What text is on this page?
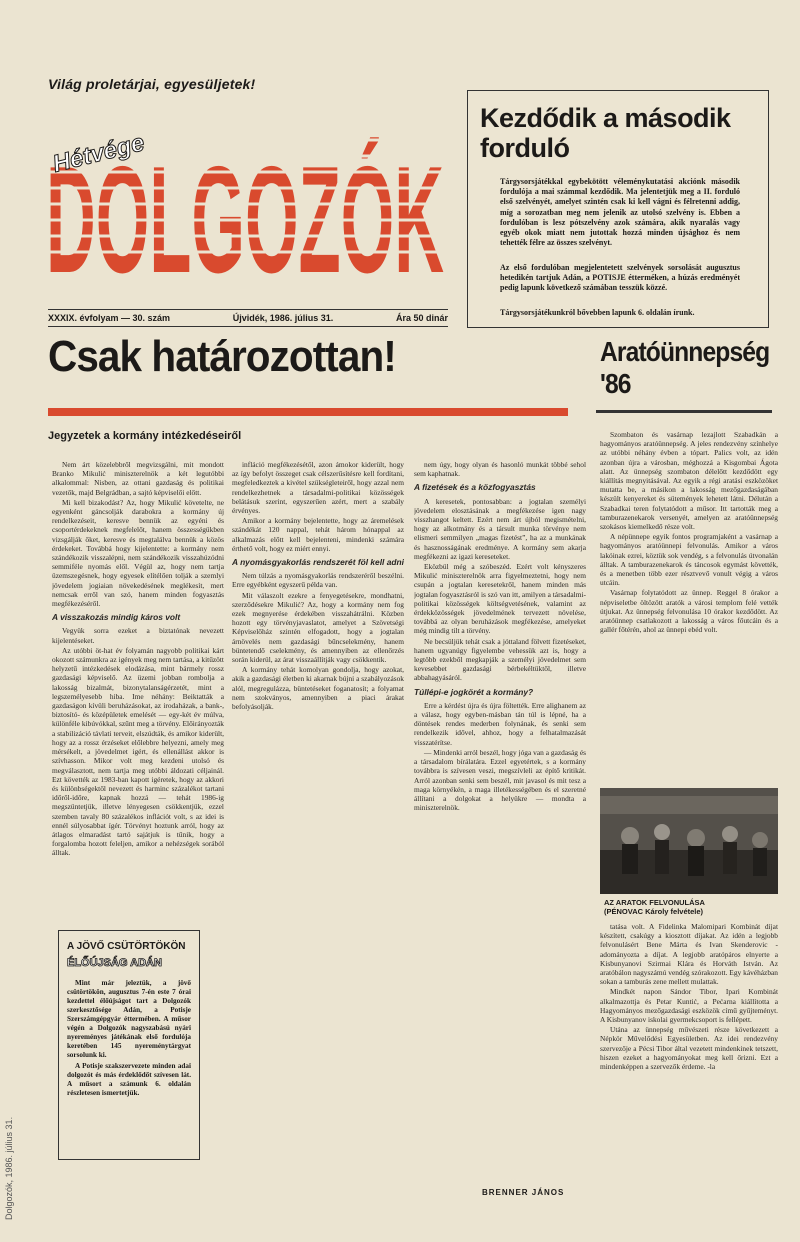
Világ proletárjai, egyesüljetek!
DOLGOZÓK
Hétvége
XXXIX. évfolyam — 30. szám	Újvidék, 1986. július 31.	Ára 50 dinár
Kezdődik a második forduló
Tárgysorsjátékkal egybekötött véleménykutatási akciónk második fordulója a mai számmal kezdődik. Ma jelentetjük meg a II. forduló első szelvényét, amelyet szintén csak ki kell vágni és félretenni addig, míg a sorozatban meg nem jelenik az utolsó szelvény is. Ebben a fordulóban is lesz pótszelvény azok számára, akik nyaralás vagy egyéb okok miatt nem jutottak hozzá minden újsághoz és nem tehették félre az összes szelvényt.
Az első fordulóban megjelentetett szelvények sorsolását augusztus hetedikén tartjuk Adán, a POTISJE étterméken, a húzás eredményét pedig lapunk következő számában tesszük közzé.
Tárgysorsjátékunkról bővebben lapunk 6. oldalán írunk.
Csak határozottan!
Jegyzetek a kormány intézkedéseiről
Aratóünnepség '86

Nem árt közelebbről megvizsgálni, mit mondott Branko Mikulić miniszterelnök a két legutóbbi alkalommal: Nisben, az ottani gazdaság és politikai vezetők, majd Belgrádban, a sajtó képviselői előtt.

Mi kell bizakodást? Az, hogy Mikulić követelte, ne egyenként gáncsolják darabokra a kormány új rendelkezéseit, keresve bennük az egyéni és csoportérdekeknek megfelelőt, hanem összességükben vizsgálják őket, keresve és megtalálva bennük a közös érdekeket. Továbbá hogy kijelentette: a kormány nem szándékozik visszalépni, nem szándékozik visszahúzódni semmiféle nyomás elől. Végül az, hogy nem tartja üzemszegésnek, hogy egyesek elítélően tolják a szemlyi jövedelem jogiaian növekedésének meglékesít, mert nemcsak erről van szó, hanem minden fogyasztás megfékezéséről.

A visszakozás mindig káros volt

Vegyük sorra ezeket a biztatónak nevezett kijelentéseket.

Az utóbbi öt-hat év folyamán nagyobb politikai kárt okozott számunkra az igények meg nem tartása, a kitűzött helyzetű intézkedések elodázása, mint bármely rossz gazdasági képviselő. Az üzemi jobban rombolja a lakosság bizalmát, bizonytalanságérzetét, mint a legszemélyesebb hiba. Ime néhány: Beiktatták a gazdaságon kívüli beruházásokat, az irodaházak, a bank-, biztosító- és középületek emelését — egy-két év múlva, különféle kibúvókkal, szűnt meg a törvény. Előirányozták a stabilizáció távlati terveit, elszúdták, és amikor kiderült, hogy az a rossz érzéseket előlebbre helyezni, amely meg mérsékelt, a jövedelmet igért, és ellenállást akkor is szívhasson. Mikor volt meg kezdeni utolsó és megválasztott, nem tartja meg utóbbi áldozati céljainál. Ezt követték az 1983-ban kapott igéretek, hogy az akkori és különbségektől nevezett és harminc százalékot tartani időről-időre, kapnak hozzá — tehát 1986-ig megszüntetjük, illetve lényegesen csökkentjük, ezzel szemben tavaly 80 százalékos inflációt volt, s az idei is ennél súlyosabbat ígér. Törvényt hoztunk arról, hogy az átlagos elmaradást tartó sajátjuk is tűnik, hogy a forgalomba hozott feleljen, amikor a nehézségek sorából álltak.

A JÖVŐ CSÜTÖRTÖKÖN
ÉLŐÚJSÁG ADÁN

Mint már jeleztük, a jövő csütörtökön, augusztus 7-én este 7 órai kezdettel élőújságot tart a Dolgozók szerkesztősége Adán, a Potisje Szerszámgépgyár éttermében. A műsor végén a Dolgozók nagyszabású nyári nyereményes játékának első fordulója keretében 145 nyereménytárgyat sorsolunk ki.

A Potisje szakszervezete minden adai dolgozót és más érdeklődőt szívesen lát. A műsort a számunk 6. oldalán részletesen ismertetjük.

infláció megfékezésétől, azon ámokor kiderült, hogy az így befolyt összeget csak célszerűsítésre kell fordítani, megfeledkeztek a kivétel szükségleteiről, hogy azzal nem rendelkezhetnek a társadalmi-politikai közösségek belátásuk szerint, egyszerűen azért, mert a szabály érvényes.

Amikor a kormány bejelentette, hogy az áremelések szándékát 120 nappal, tehát három hónappal az alkalmazás előtt kell bejelenteni, mindenki számára érthető volt, hogy ez miért ennyi.

A nyomásgyakorlás rendszerét föl kell adni

Nem túlzás a nyomásgyakorlás rendszeréről beszélni. Erre egyébként egyszerű példa van.

Mit válaszolt ezekre a fenyegetésekre, mondhatni, szerződésekre Mikulić? Az, hogy a kormány nem fog ezek megnyerése érdekében visszahátrálni. Közben hozott egy törvényjavaslatot, amelyet a Szövetségi Képviselőház szintén elfogadott, hogy a jogtalan árnövelés nem gazdasági bűncselekmény, hanem büntetendő cselekmény, és amennyiben az ellenőrzés során kiderül, az árat visszaállítják vagy csökkentik.

A kormány tehát komolyan gondolja, hogy azokat, akik a gazdasági életben ki akarnak bújni a szabályozások alól, megregulázza, büntetéseket foganatosít; a folyamat nem szokványos, amennyiben a piaci árakat befolyásolják.

nem úgy, hogy olyan és hasonló munkát többé sehol sem kaphatnak.

A fizetések és a közfogyasztás

A keresetek, pontosabban: a jogtalan személyi jövedelem elosztásának a megfékezése igen nagy visszhangot keltett. Ezért nem árt újból megismételni, hogy az alkotmány és a társult munka törvénye nem elismeri semmilyen „magas fizetést”, ha az a munkának és hasznosságának eredménye. A kormány sem akarja megfékezni az igazi kereseteket.

Eközbül még a szóbeszéd. Ezért volt kényszeres Mikulić miniszterelnök arra figyelmeztetni, hogy nem csupán a jogtalan keresetekről, hanem minden más jogtalan fogyasztásról is szó van itt, amilyen a társadalmi-politikai közösségek költségvetésének, valamint az érdekközösségek jövedelmének tervezett növelése, továbbá az olyan beruházások megfékezése, amelyeket még mindig tilt a törvény.

Ne becsüljük tehát csak a jóttaland fölvett fizetéseket, hanem ugyanúgy figyelembe vehessük azt is, hogy a legtöbb ezekből megkapják a személyi jövedelmet sem kevesebbet gazdasági bérbekéltüktől, illetve abbahagyásáról.

Túllépi-e jogkörét a kormány?

Erre a kérdést újra és újra föltették. Erre alighanem az a válasz, hogy egyben-másban tán túl is lépné, ha a döntések rendes mederben folynának, és senki sem rendelkezik idővel, ahhoz, hogy a felhatalmazását visszatérítse.

— Mindenki arról beszél, hogy jóga van a gazdaság és a társadalom bírálatára. Ezzel egyetértek, s a kormány továbbra is szívesen veszi, megszívleli az építő kritikát. Arról azonban senki sem beszél, mit javasol és mit tesz a maga környékén, a maga illetékességében és el szeretné állítani a dolgokat a helyükre — mondta a miniszterelnök.

BRENNER JÁNOS

Szombaton és vasárnap lezajlott Szabadkán a hagyományos aratóünnepség. A jeles rendezvény színhelye az utóbbi néhány évben a tópart. Palics volt, az idén azonban újra a városban, méghozzá a Kisgombai Ágota alatt. Az ünnepség szombaton délelőtt kezdődött egy kiállítás megnyitásával. Az egyik a régi aratási eszközöket mutatta be, a másikon a lakosság mezőgazdaságában készült kenyereket és sütemények lehetett látni. Délután a Szabadkai teren folytatódott a műsor. Itt tartották meg a tamburazenekarok versenyét, amelyen az aratóünnepség szokásos kiemelkedő része volt.

A népünnepe egyik fontos programjaként a vasárnap a hagyományos aratóünnepi felvonulás. Amikor a város lakóinak ezrei, köztük sok vendég, s a felvonulás útvonalán álltak. A tamburazenekarok és táncosok egymást követték, és a menetben több ezer résztvevő vonult végig a város utcáin.

Vasárnap folytatódott az ünnep. Reggel 8 órakor a népviseletbe öltözött aratók a városi templom felé vették útjukat. Az ünnepség felvonulása 10 órakor kezdődött. Az aratóünnep csatlakozott a lakosság a város főutcáin és a gallér főtérén, ahol az ünnepi ebéd volt.

AZ ARATOK FELVONULÁSA
(PÉNOVAC Károly felvétele)

tatása volt. A Fidelinka Malomipari Kombinát díjat készített, csakúgy a kiosztott díjakat. Az idén a legjobb felvonulásért Bene Márta és Ivan Skenderovic - adományozta a díjat. A legjobb aratópáros elnyerte a Kisbunyanovi Szirmai Klára és Horváth István. Az aratóbálon nagyszámú vendég szórakozott. Egy kávéházban sokan a tamburás zene mellett mulattak.

Mindkét napon Sándor Tibor, Ipari Kombinát alkalmazottja és Petar Kuntić, a Pećarna kiállította a Hagyományos mezőgazdasági eszközök című gyűjteményt. A Kisbunyanov iskolai gyermekcsoport is fellépett.

Utána az ünnepség művészeti része következett a Népkör Művelődési Egyesületben. Az idei rendezvény szervezője a Pécsi Tibor által vezetett mindenkinek tetszett, hiszen ezeket a hagyományokat meg kell őrizni. Ezt a mindenképpen a szervezők érdeme. -la

Dolgozók, 1986. július 31.
